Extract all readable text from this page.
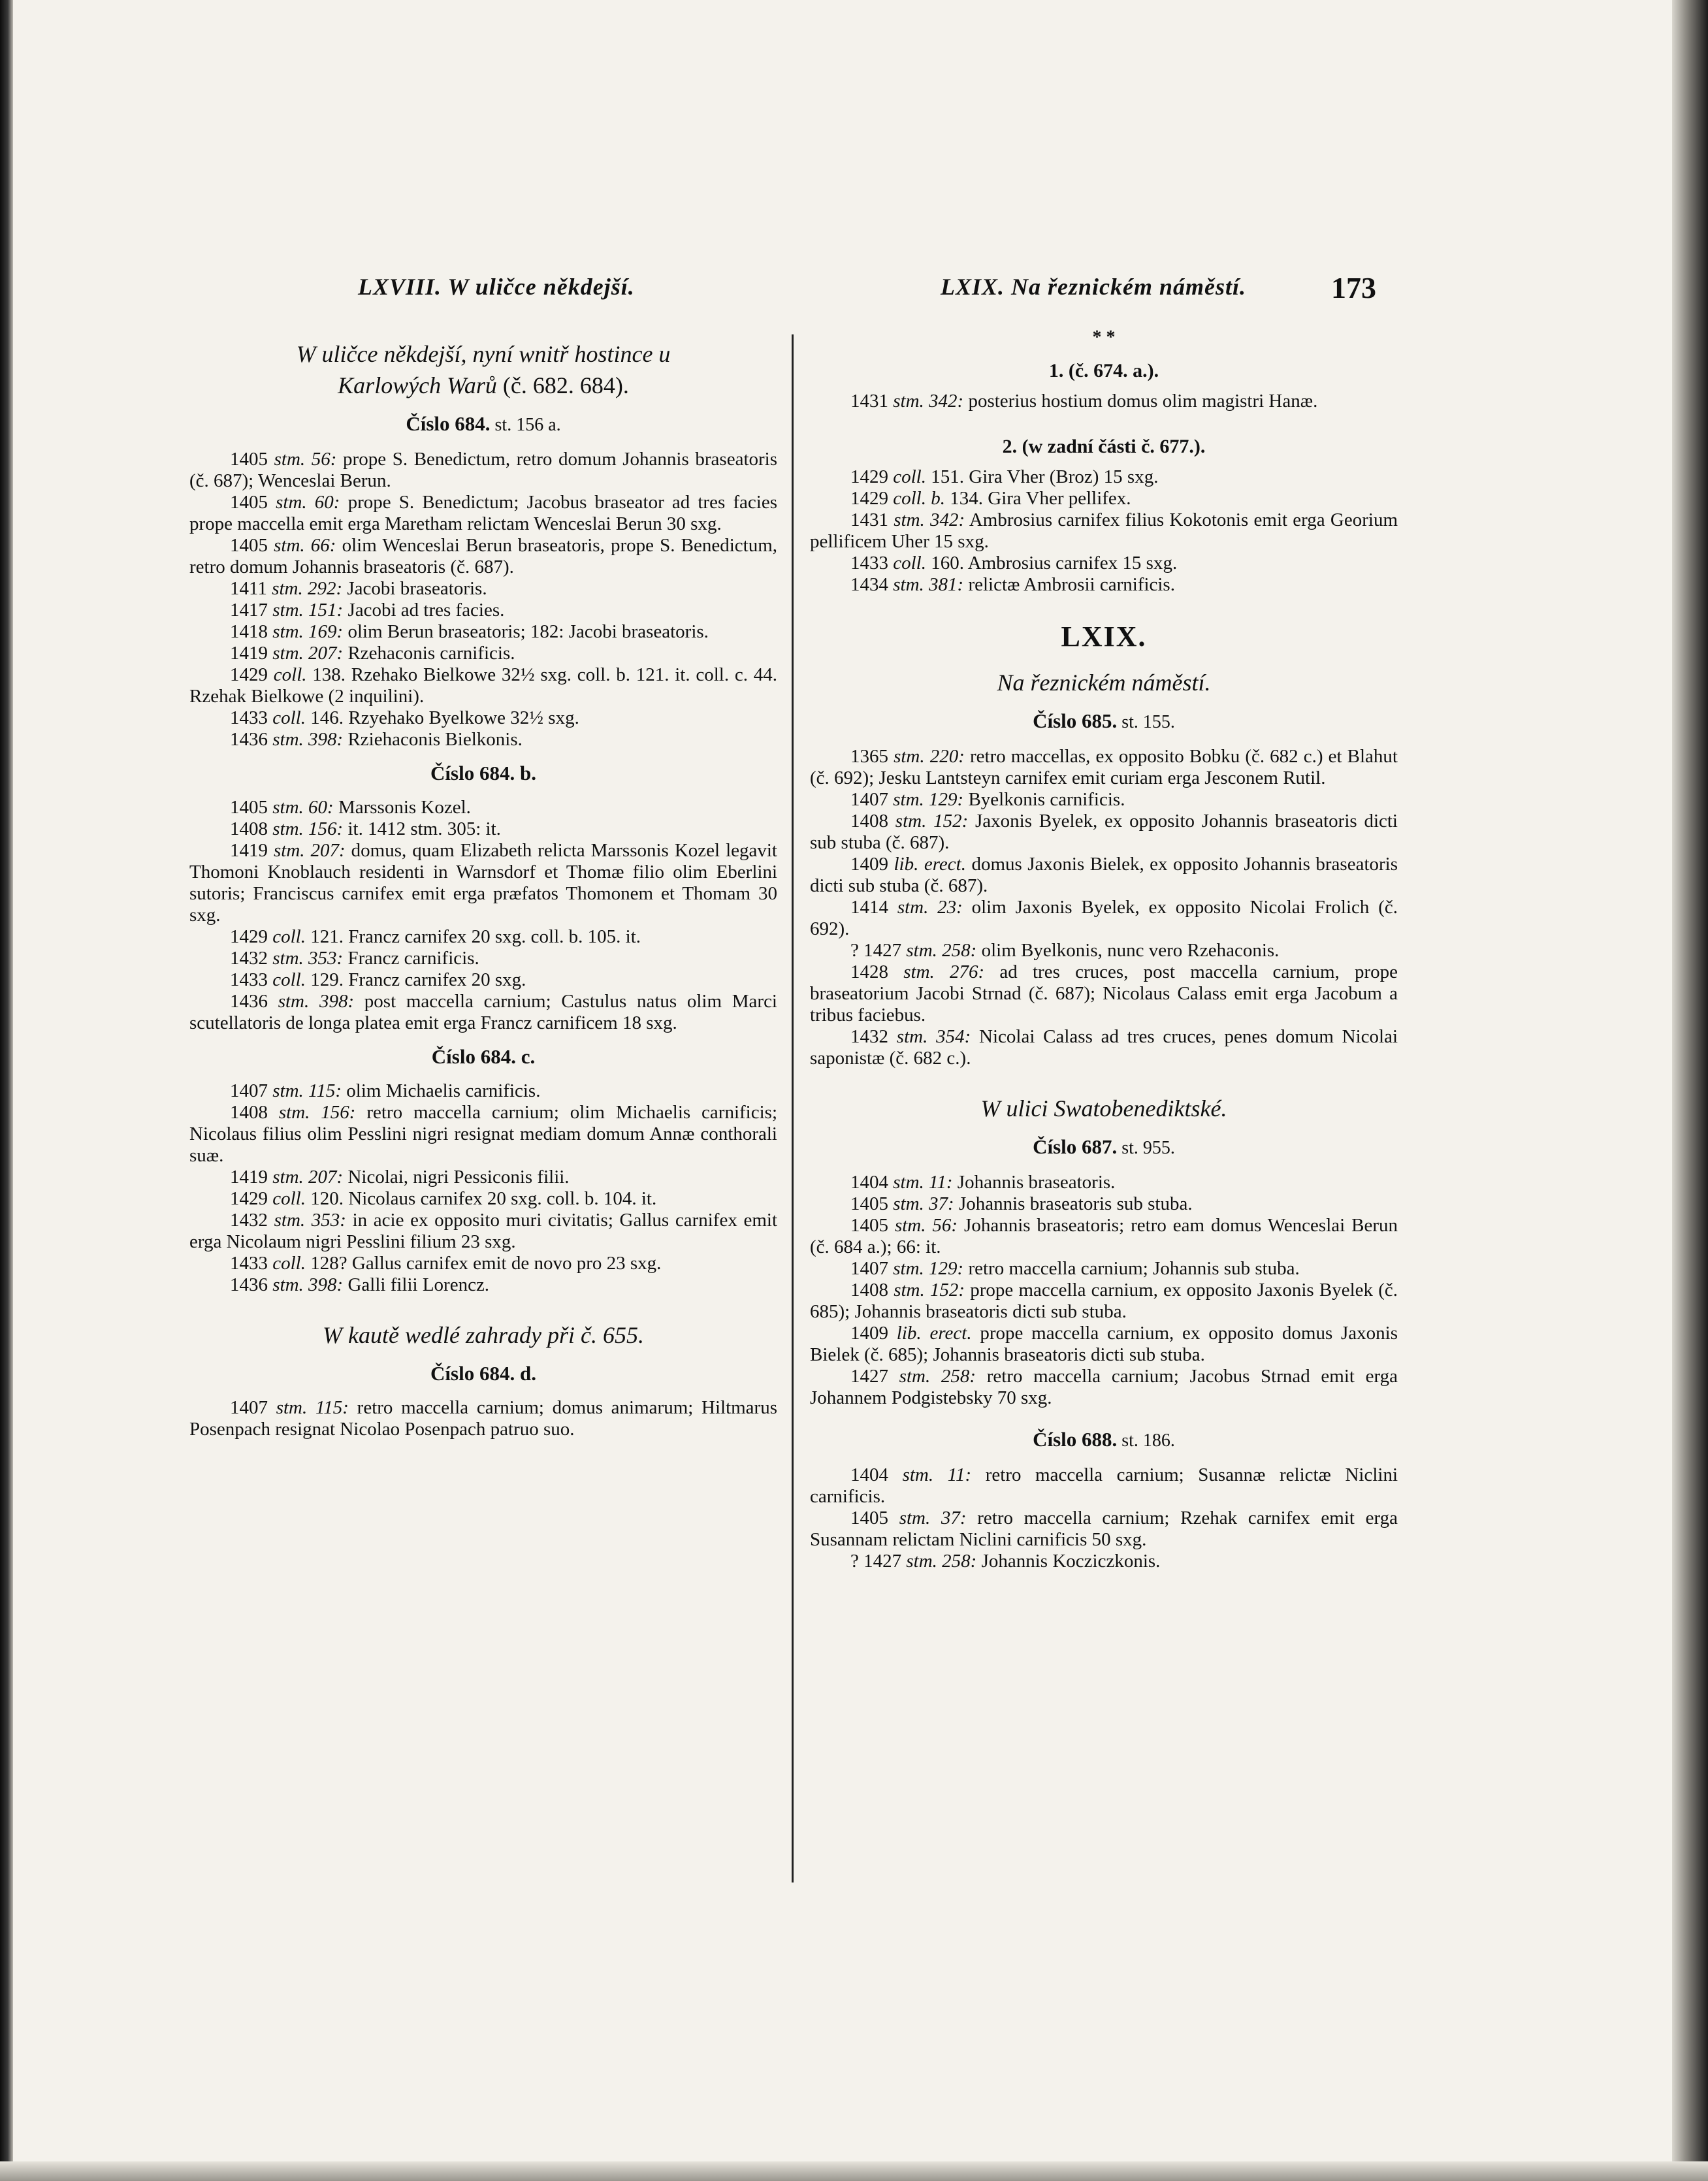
LXVIII. W uličce někdejší.	LXIX. Na řeznickém náměstí.	173
W uličce někdejší, nyní wnitř hostince u
Karlowých Warů (č. 682. 684).
Číslo 684. st. 156 a.

1405 stm. 56: prope S. Benedictum, retro domum Johannis braseatoris (č. 687); Wenceslai Berun.

1405 stm. 60: prope S. Benedictum; Jacobus braseator ad tres facies prope maccella emit erga Maretham relictam Wenceslai Berun 30 sxg.

1405 stm. 66: olim Wenceslai Berun braseatoris, prope S. Benedictum, retro domum Johannis braseatoris (č. 687).

1411 stm. 292: Jacobi braseatoris.

1417 stm. 151: Jacobi ad tres facies.

1418 stm. 169: olim Berun braseatoris; 182: Jacobi braseatoris.

1419 stm. 207: Rzehaconis carnificis.

1429 coll. 138. Rzehako Bielkowe 32½ sxg. coll. b. 121. it. coll. c. 44. Rzehak Bielkowe (2 inquilini).

1433 coll. 146. Rzyehako Byelkowe 32½ sxg.

1436 stm. 398: Rziehaconis Bielkonis.

Číslo 684. b.

1405 stm. 60: Marssonis Kozel.

1408 stm. 156: it. 1412 stm. 305: it.

1419 stm. 207: domus, quam Elizabeth relicta Marssonis Kozel legavit Thomoni Knoblauch residenti in Warnsdorf et Thomæ filio olim Eberlini sutoris; Franciscus carnifex emit erga præfatos Thomonem et Thomam 30 sxg.

1429 coll. 121. Francz carnifex 20 sxg. coll. b. 105. it.

1432 stm. 353: Francz carnificis.

1433 coll. 129. Francz carnifex 20 sxg.

1436 stm. 398: post maccella carnium; Castulus natus olim Marci scutellatoris de longa platea emit erga Francz carnificem 18 sxg.

Číslo 684. c.

1407 stm. 115: olim Michaelis carnificis.

1408 stm. 156: retro maccella carnium; olim Michaelis carnificis; Nicolaus filius olim Pesslini nigri resignat mediam domum Annæ conthorali suæ.

1419 stm. 207: Nicolai, nigri Pessiconis filii.

1429 coll. 120. Nicolaus carnifex 20 sxg. coll. b. 104. it.

1432 stm. 353: in acie ex opposito muri civitatis; Gallus carnifex emit erga Nicolaum nigri Pesslini filium 23 sxg.

1433 coll. 128? Gallus carnifex emit de novo pro 23 sxg.

1436 stm. 398: Galli filii Lorencz.

W kautě wedlé zahrady při č. 655.
Číslo 684. d.

1407 stm. 115: retro maccella carnium; domus animarum; Hiltmarus Posenpach resignat Nicolao Posenpach patruo suo.

* *
1. (č. 674. a.).

1431 stm. 342: posterius hostium domus olim magistri Hanæ.

2. (w zadní části č. 677.).

1429 coll. 151. Gira Vher (Broz) 15 sxg.

1429 coll. b. 134. Gira Vher pellifex.

1431 stm. 342: Ambrosius carnifex filius Kokotonis emit erga Georium pellificem Uher 15 sxg.

1433 coll. 160. Ambrosius carnifex 15 sxg.

1434 stm. 381: relictæ Ambrosii carnificis.

LXIX.
Na řeznickém náměstí.
Číslo 685. st. 155.

1365 stm. 220: retro maccellas, ex opposito Bobku (č. 682 c.) et Blahut (č. 692); Jesku Lantsteyn carnifex emit curiam erga Jesconem Rutil.

1407 stm. 129: Byelkonis carnificis.

1408 stm. 152: Jaxonis Byelek, ex opposito Johannis braseatoris dicti sub stuba (č. 687).

1409 lib. erect. domus Jaxonis Bielek, ex opposito Johannis braseatoris dicti sub stuba (č. 687).

1414 stm. 23: olim Jaxonis Byelek, ex opposito Nicolai Frolich (č. 692).

? 1427 stm. 258: olim Byelkonis, nunc vero Rzehaconis.

1428 stm. 276: ad tres cruces, post maccella carnium, prope braseatorium Jacobi Strnad (č. 687); Nicolaus Calass emit erga Jacobum a tribus faciebus.

1432 stm. 354: Nicolai Calass ad tres cruces, penes domum Nicolai saponistæ (č. 682 c.).

W ulici Swatobenediktské.
Číslo 687. st. 955.

1404 stm. 11: Johannis braseatoris.

1405 stm. 37: Johannis braseatoris sub stuba.

1405 stm. 56: Johannis braseatoris; retro eam domus Wenceslai Berun (č. 684 a.); 66: it.

1407 stm. 129: retro maccella carnium; Johannis sub stuba.

1408 stm. 152: prope maccella carnium, ex opposito Jaxonis Byelek (č. 685); Johannis braseatoris dicti sub stuba.

1409 lib. erect. prope maccella carnium, ex opposito domus Jaxonis Bielek (č. 685); Johannis braseatoris dicti sub stuba.

1427 stm. 258: retro maccella carnium; Jacobus Strnad emit erga Johannem Podgistebsky 70 sxg.

Číslo 688. st. 186.

1404 stm. 11: retro maccella carnium; Susannæ relictæ Niclini carnificis.

1405 stm. 37: retro maccella carnium; Rzehak carnifex emit erga Susannam relictam Niclini carnificis 50 sxg.

? 1427 stm. 258: Johannis Kocziczkonis.
